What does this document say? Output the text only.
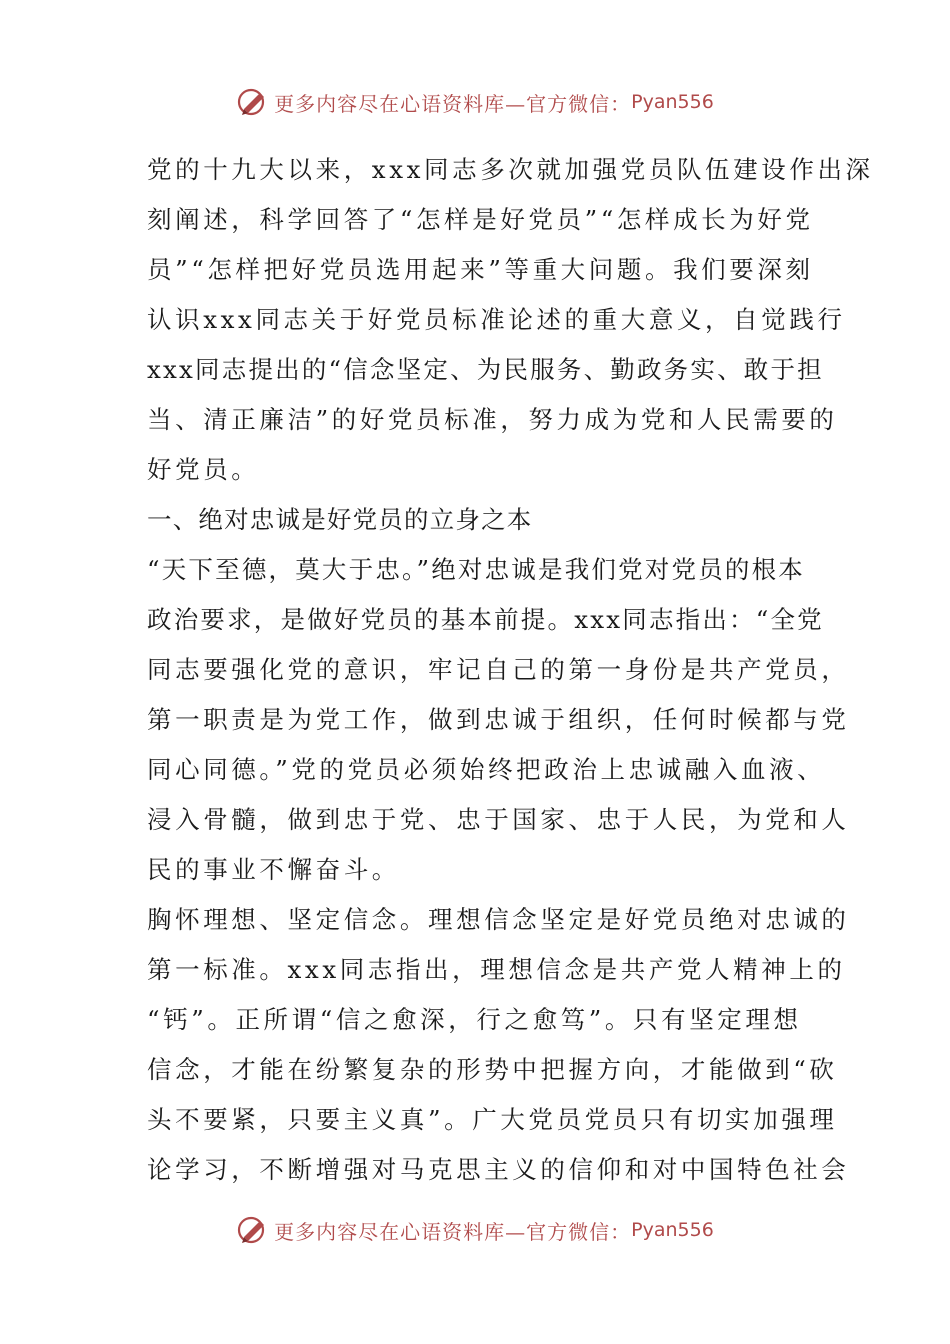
更多内容尽在心语资料库—官方微信： Pyan556

党的十九大以来，xxx同志多次就加强党员队伍建设作出深

刻阐述，科学回答了“怎样是好党员”“怎样成长为好党

员”“怎样把好党员选用起来”等重大问题。我们要深刻

认识xxx同志关于好党员标准论述的重大意义，自觉践行

xxx同志提出的“信念坚定、为民服务、勤政务实、敢于担

当、清正廉洁”的好党员标准，努力成为党和人民需要的

好党员。

一、绝对忠诚是好党员的立身之本

“天下至德，莫大于忠。”绝对忠诚是我们党对党员的根本

政治要求，是做好党员的基本前提。xxx同志指出：“全党

同志要强化党的意识，牢记自己的第一身份是共产党员，

第一职责是为党工作，做到忠诚于组织，任何时候都与党

同心同德。”党的党员必须始终把政治上忠诚融入血液、

浸入骨髓，做到忠于党、忠于国家、忠于人民，为党和人

民的事业不懈奋斗。

胸怀理想、坚定信念。理想信念坚定是好党员绝对忠诚的

第一标准。xxx同志指出，理想信念是共产党人精神上的

“钙”。正所谓“信之愈深，行之愈笃”。只有坚定理想

信念，才能在纷繁复杂的形势中把握方向，才能做到“砍

头不要紧，只要主义真”。广大党员党员只有切实加强理

论学习，不断增强对马克思主义的信仰和对中国特色社会

更多内容尽在心语资料库—官方微信： Pyan556
